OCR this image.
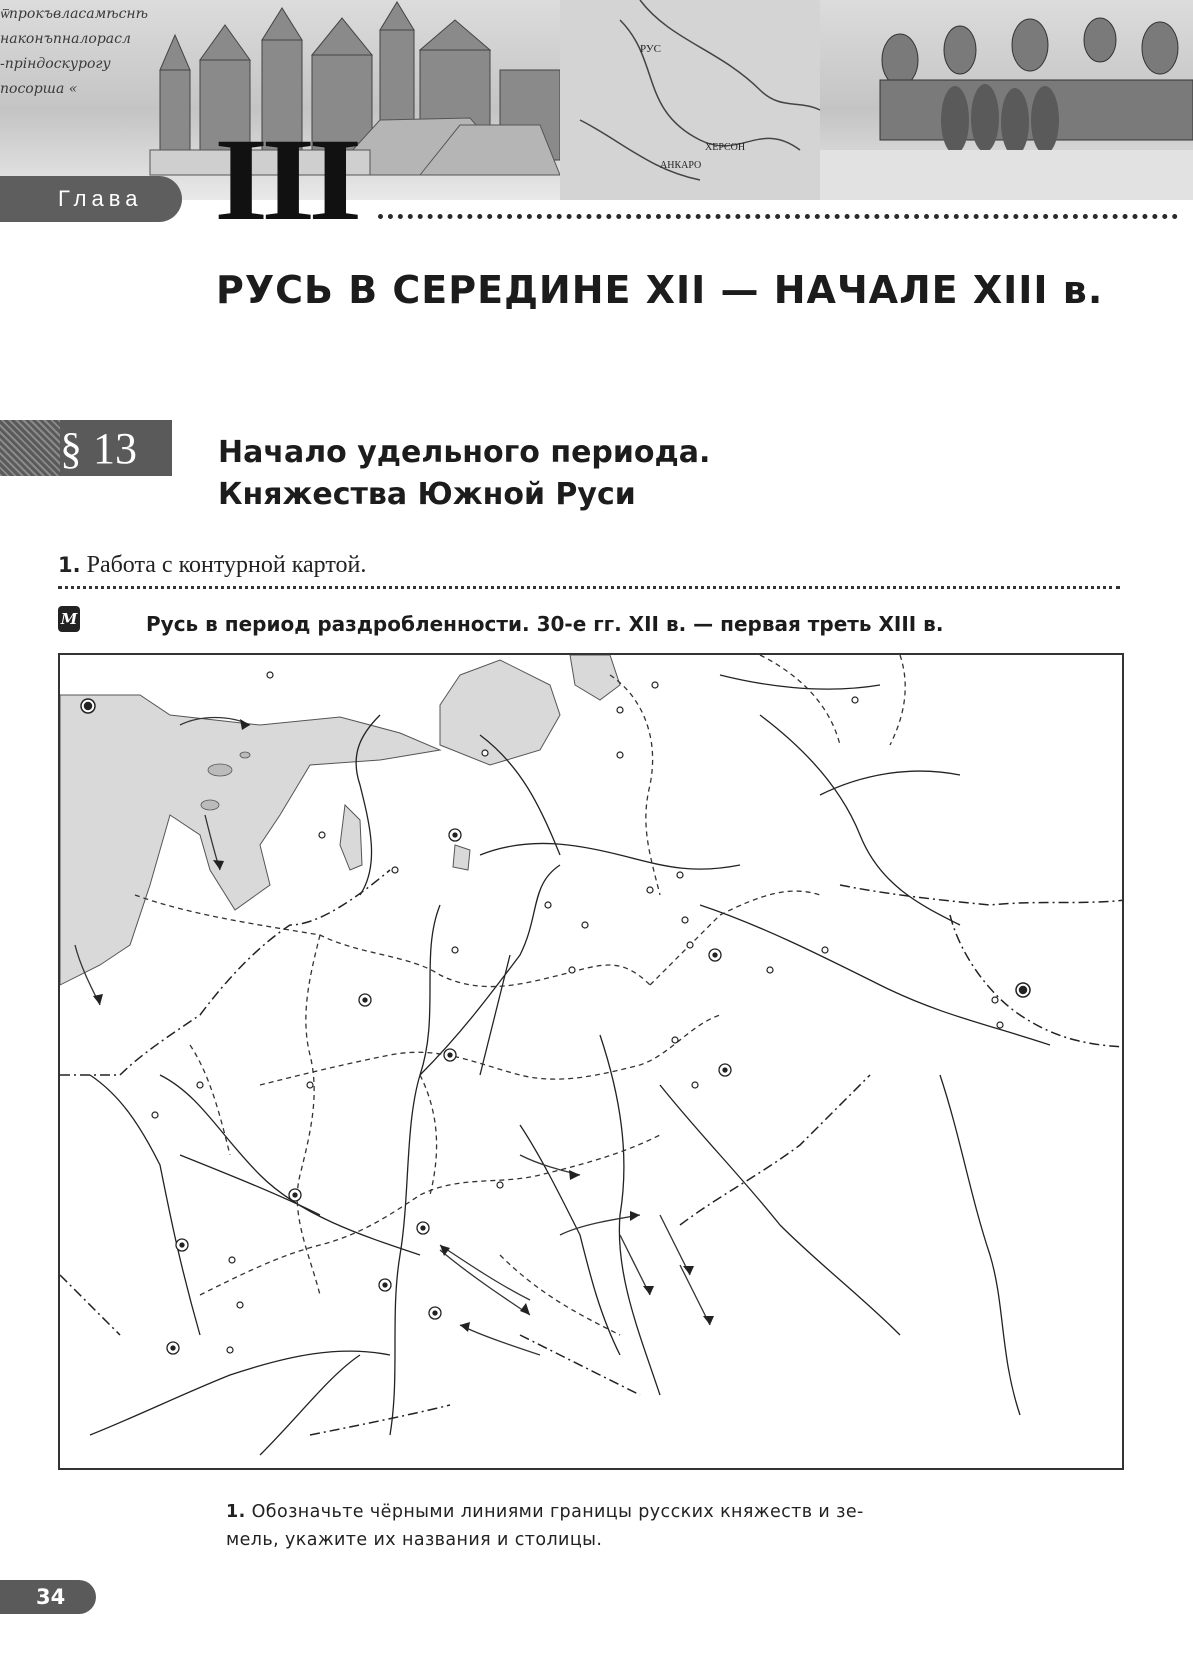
ѿпрокъвласамѣснѣ
наконъпналорасл
-пріндоскурогу
посорша «
РУС
ХЕРСОН
АНКАРО
Глава III
РУСЬ В СЕРЕДИНЕ XII — НАЧАЛЕ XIII в.
§ 13	Начало удельного периода.
Княжества Южной Руси
1. Работа с контурной картой.
M	Русь в период раздробленности. 30-е гг. XII в. — первая треть XIII в.
1. Обозначьте чёрными линиями границы русских княжеств и зе-
мель, укажите их названия и столицы.
34
